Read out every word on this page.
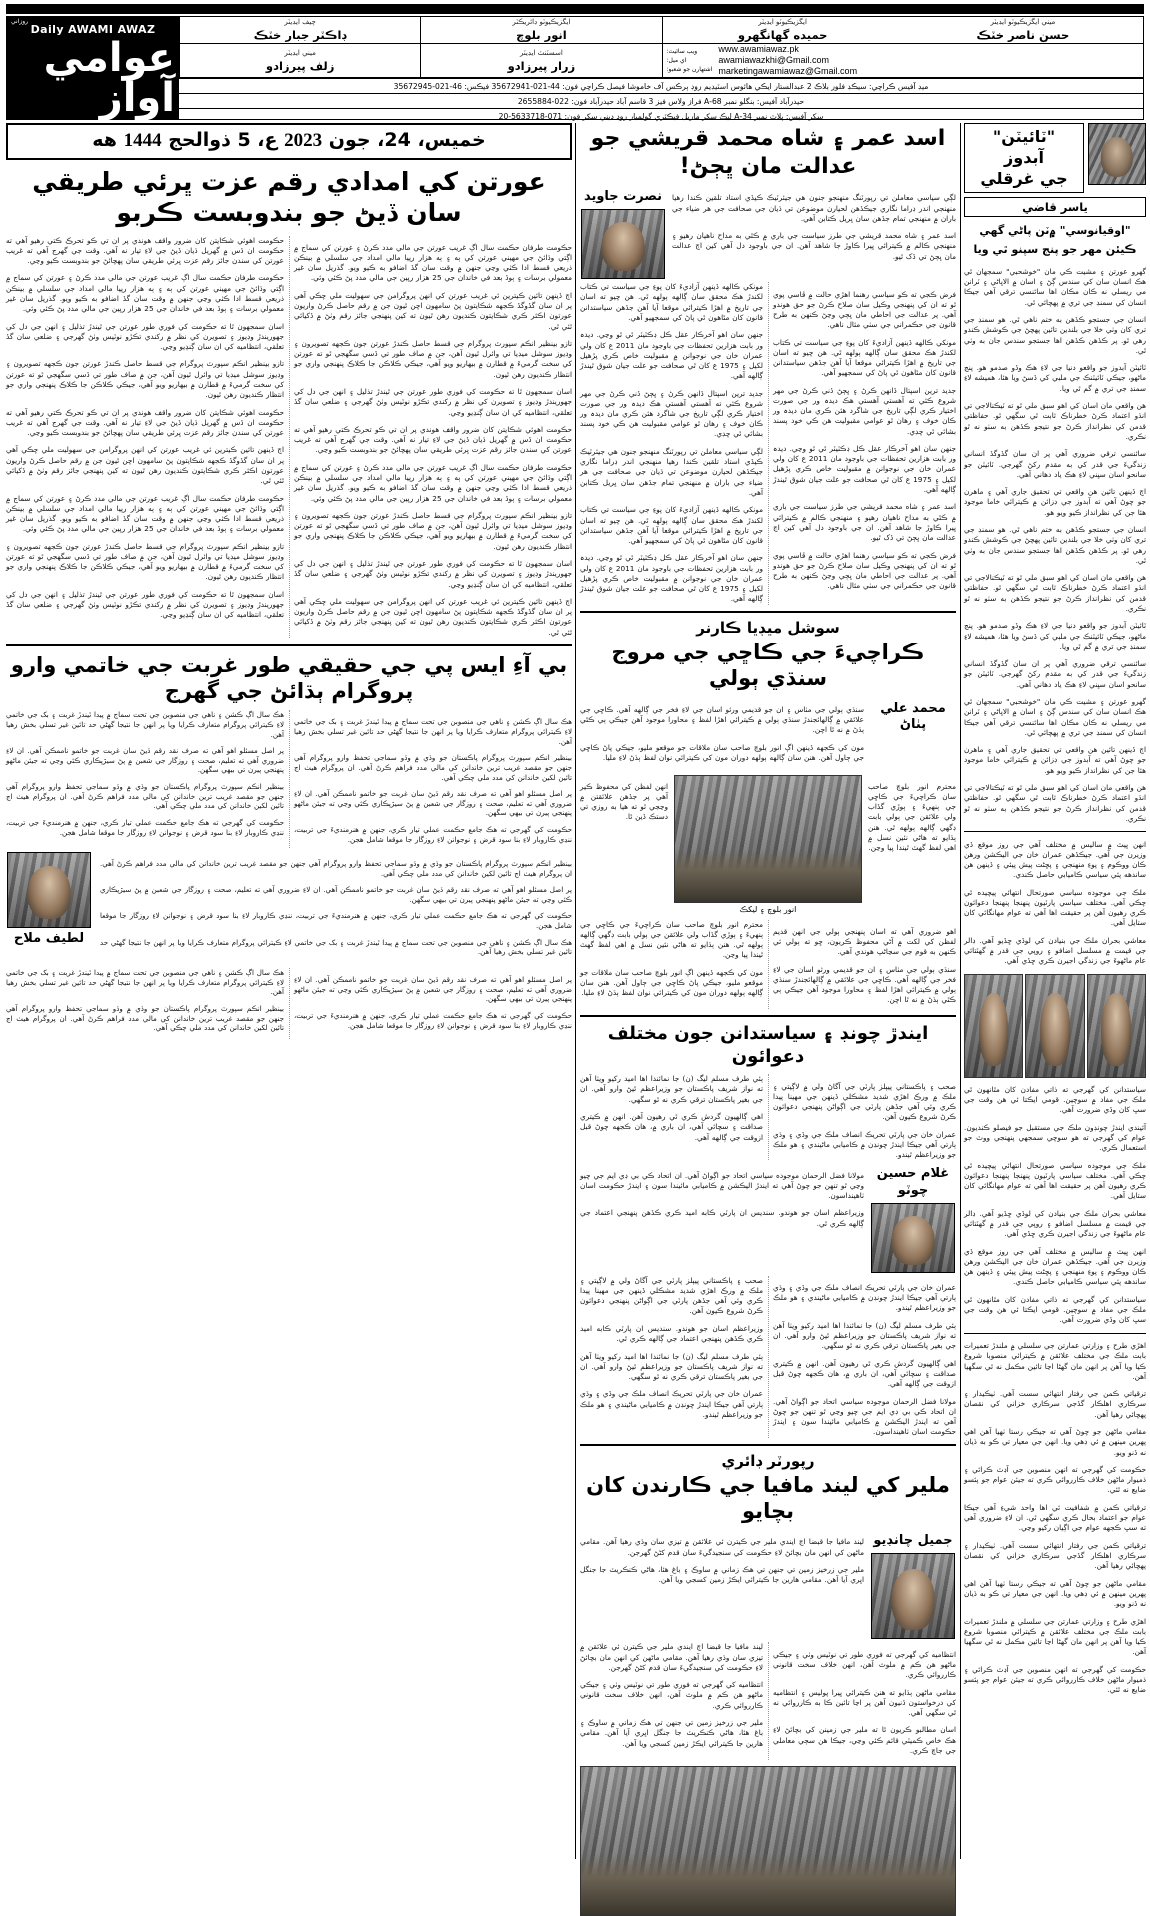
روزاني
Daily AWAMI AWAZ
عوامي آواز
چيف ايڊيٽر
ڊاڪٽر جبار خٽڪ
ايگزيڪيوٽو ڊائريڪٽر
انور بلوچ
ايگزيڪيوٽو ايڊيٽر
حميده گهانگهرو
ميني ايگزيڪيوٽو ايڊيٽر
حسن ناصر خٽڪ
ميني ايڊيٽر
زلف پيرزادو
اسسٽنٽ ايڊيٽر
زرار پيرزادو
ويب سائيٽ:
اي ميل:
اشتهارن جو شعبو:
www.awamiawaz.pk
awamiawazkhi@Gmail.com
marketingawamiawaz@Gmail.com
ميڊ آفيس ڪراچي: سيڪڊ فلور بلاڪ 2 عبدالستار ايڪي هائوس اسٽيڊيم روڊ ٻرڪس آف خاموشا فيصل ڪراچي فون: 44-021-35672941 فيڪس: 46-021-35672945
حيدرآباد آفيس: بنگلو نمبر 68-A فراز ولاس فيز 3 قاسم آباد حيدرآباد فون: 022-2655884
سکر آفيس: پلاٽ نمبر 34-A ليڪ سکر ماربل فيڪٽري گولمبار روڊ ديني سکر فون: 071-5633718-20
خميس، 24، جون 2023 ع، 5 ذوالحج 1444 هه
عورتن کي امدادي رقم عزت ڀرئي طريقي سان ڏيڻ جو بندوبست ڪربو

حڪومت طرفان حڪمت سال اڳ غريب عورتن جي مالي مدد ڪرڻ ۽ عورتن کي سماج ۾ اڳتي وڌائڻ جي مهيني عورتن کي ٻه ۽ ٻه هزار رپيا مالي امداد جي سلسلي ۾ بينڪن ذريعي قسط ادا ڪٺي وڃي جنهن ۾ وقت سان گڏ اضافو به ڪيو ويو. گذريل سان غير معمولي برسات ۽ ٻوڏ بعد في خاندان جي 25 هزار رپين جي مالي مدد پڻ ڪئي وئي.

اڄ ڏينهن تائين ڪيترين ئي غريب عورتن کي انهن پروگرامن جي سهوليت ملي چڪي آهي پر ان سان گڏوگڏ ڪجهه شڪايتون پڻ سامهون اچن ٿيون جن ۾ رقم حاصل ڪرڻ واريون عورتون اڪثر ڪري شڪايتون ڪنديون رهن ٿيون ته کين پنهنجي جائز رقم وٺڻ ۾ ڏکيائي ٿئي ٿي.

تازو بينظير انڪم سپورٽ پروگرام جي قسط حاصل ڪندڙ عورتن جون ڪجهه تصويرون ۽ وڊيوز سوشل ميڊيا تي وائرل ٿيون آهن، جن ۾ صاف طور تي ڏسي سگهجي ٿو ته عورتن کي سخت گرميءَ ۾ قطارن ۾ بيهاريو ويو آهي، جيڪي ڪلاڪن جا ڪلاڪ پنهنجي واري جو انتظار ڪنديون رهن ٿيون.

اسان سمجهون ٿا ته حڪومت کي فوري طور عورتن جي ٿيندڙ تذليل ۽ انهن جي دل کي جهوريندڙ وڊيوز ۽ تصويرن کي نظر ۾ رکندي تڪڙو نوٽيس وٺڻ گهرجي ۽ ضلعي سان گڏ تعلقي، انتظاميه کي ان سان ڳنڍيو وڃي.

حڪومت اهوئي شڪايتن کان ضرور واقف هوندي پر ان تي ڪو تحرڪ ڪتي رهيو آهي ته حڪومت ان ڏس ۾ گهريل ڌيان ڏيڻ جي لاءِ تيار نه آهي. وقت جي گهرج آهي ته غريب عورتن کي سندن جائز رقم عزت ڀرئي طريقي سان پهچائڻ جو بندوبست ڪيو وڃي.

حڪومت طرفان حڪمت سال اڳ غريب عورتن جي مالي مدد ڪرڻ ۽ عورتن کي سماج ۾ اڳتي وڌائڻ جي مهيني عورتن کي ٻه ۽ ٻه هزار رپيا مالي امداد جي سلسلي ۾ بينڪن ذريعي قسط ادا ڪٺي وڃي جنهن ۾ وقت سان گڏ اضافو به ڪيو ويو. گذريل سان غير معمولي برسات ۽ ٻوڏ بعد في خاندان جي 25 هزار رپين جي مالي مدد پڻ ڪئي وئي.

تازو بينظير انڪم سپورٽ پروگرام جي قسط حاصل ڪندڙ عورتن جون ڪجهه تصويرون ۽ وڊيوز سوشل ميڊيا تي وائرل ٿيون آهن، جن ۾ صاف طور تي ڏسي سگهجي ٿو ته عورتن کي سخت گرميءَ ۾ قطارن ۾ بيهاريو ويو آهي، جيڪي ڪلاڪن جا ڪلاڪ پنهنجي واري جو انتظار ڪنديون رهن ٿيون.

اسان سمجهون ٿا ته حڪومت کي فوري طور عورتن جي ٿيندڙ تذليل ۽ انهن جي دل کي جهوريندڙ وڊيوز ۽ تصويرن کي نظر ۾ رکندي تڪڙو نوٽيس وٺڻ گهرجي ۽ ضلعي سان گڏ تعلقي، انتظاميه کي ان سان ڳنڍيو وڃي.

اڄ ڏينهن تائين ڪيترين ئي غريب عورتن کي انهن پروگرامن جي سهوليت ملي چڪي آهي پر ان سان گڏوگڏ ڪجهه شڪايتون پڻ سامهون اچن ٿيون جن ۾ رقم حاصل ڪرڻ واريون عورتون اڪثر ڪري شڪايتون ڪنديون رهن ٿيون ته کين پنهنجي جائز رقم وٺڻ ۾ ڏکيائي ٿئي ٿي.

حڪومت اهوئي شڪايتن کان ضرور واقف هوندي پر ان تي ڪو تحرڪ ڪتي رهيو آهي ته حڪومت ان ڏس ۾ گهريل ڌيان ڏيڻ جي لاءِ تيار نه آهي. وقت جي گهرج آهي ته غريب عورتن کي سندن جائز رقم عزت ڀرئي طريقي سان پهچائڻ جو بندوبست ڪيو وڃي.

حڪومت طرفان حڪمت سال اڳ غريب عورتن جي مالي مدد ڪرڻ ۽ عورتن کي سماج ۾ اڳتي وڌائڻ جي مهيني عورتن کي ٻه ۽ ٻه هزار رپيا مالي امداد جي سلسلي ۾ بينڪن ذريعي قسط ادا ڪٺي وڃي جنهن ۾ وقت سان گڏ اضافو به ڪيو ويو. گذريل سان غير معمولي برسات ۽ ٻوڏ بعد في خاندان جي 25 هزار رپين جي مالي مدد پڻ ڪئي وئي.

اسان سمجهون ٿا ته حڪومت کي فوري طور عورتن جي ٿيندڙ تذليل ۽ انهن جي دل کي جهوريندڙ وڊيوز ۽ تصويرن کي نظر ۾ رکندي تڪڙو نوٽيس وٺڻ گهرجي ۽ ضلعي سان گڏ تعلقي، انتظاميه کي ان سان ڳنڍيو وڃي.

تازو بينظير انڪم سپورٽ پروگرام جي قسط حاصل ڪندڙ عورتن جون ڪجهه تصويرون ۽ وڊيوز سوشل ميڊيا تي وائرل ٿيون آهن، جن ۾ صاف طور تي ڏسي سگهجي ٿو ته عورتن کي سخت گرميءَ ۾ قطارن ۾ بيهاريو ويو آهي، جيڪي ڪلاڪن جا ڪلاڪ پنهنجي واري جو انتظار ڪنديون رهن ٿيون.

حڪومت اهوئي شڪايتن کان ضرور واقف هوندي پر ان تي ڪو تحرڪ ڪتي رهيو آهي ته حڪومت ان ڏس ۾ گهريل ڌيان ڏيڻ جي لاءِ تيار نه آهي. وقت جي گهرج آهي ته غريب عورتن کي سندن جائز رقم عزت ڀرئي طريقي سان پهچائڻ جو بندوبست ڪيو وڃي.

اڄ ڏينهن تائين ڪيترين ئي غريب عورتن کي انهن پروگرامن جي سهوليت ملي چڪي آهي پر ان سان گڏوگڏ ڪجهه شڪايتون پڻ سامهون اچن ٿيون جن ۾ رقم حاصل ڪرڻ واريون عورتون اڪثر ڪري شڪايتون ڪنديون رهن ٿيون ته کين پنهنجي جائز رقم وٺڻ ۾ ڏکيائي ٿئي ٿي.

حڪومت طرفان حڪمت سال اڳ غريب عورتن جي مالي مدد ڪرڻ ۽ عورتن کي سماج ۾ اڳتي وڌائڻ جي مهيني عورتن کي ٻه ۽ ٻه هزار رپيا مالي امداد جي سلسلي ۾ بينڪن ذريعي قسط ادا ڪٺي وڃي جنهن ۾ وقت سان گڏ اضافو به ڪيو ويو. گذريل سان غير معمولي برسات ۽ ٻوڏ بعد في خاندان جي 25 هزار رپين جي مالي مدد پڻ ڪئي وئي.

تازو بينظير انڪم سپورٽ پروگرام جي قسط حاصل ڪندڙ عورتن جون ڪجهه تصويرون ۽ وڊيوز سوشل ميڊيا تي وائرل ٿيون آهن، جن ۾ صاف طور تي ڏسي سگهجي ٿو ته عورتن کي سخت گرميءَ ۾ قطارن ۾ بيهاريو ويو آهي، جيڪي ڪلاڪن جا ڪلاڪ پنهنجي واري جو انتظار ڪنديون رهن ٿيون.

اسان سمجهون ٿا ته حڪومت کي فوري طور عورتن جي ٿيندڙ تذليل ۽ انهن جي دل کي جهوريندڙ وڊيوز ۽ تصويرن کي نظر ۾ رکندي تڪڙو نوٽيس وٺڻ گهرجي ۽ ضلعي سان گڏ تعلقي، انتظاميه کي ان سان ڳنڍيو وڃي.

بي آءِ ايس پي جي حقيقي طور غربت جي خاتمي وارو پروگرام ٻڌائڻ جي گهرج

هڪ سال اڳ ڪشن ۽ ناهي جي منصوبن جي تحت سماج ۾ پيدا ٿيندڙ غربت ۽ بک جي خاتمي لاءِ ڪيترائي پروگرام متعارف ڪرايا ويا پر انهن جا نتيجا گهڻي حد تائين غير تسلي بخش رهيا آهن.

بينظير انڪم سپورٽ پروگرام پاڪستان جو وڏي ۾ وڏو سماجي تحفظ وارو پروگرام آهي جنهن جو مقصد غريب ترين خاندانن کي مالي مدد فراهم ڪرڻ آهي. ان پروگرام هيٺ اڄ تائين لکين خاندانن کي مدد ملي چڪي آهي.

پر اصل مسئلو اهو آهي ته صرف نقد رقم ڏيڻ سان غربت جو خاتمو ناممڪن آهي. ان لاءِ ضروري آهي ته تعليم، صحت ۽ روزگار جي شعبن ۾ پڻ سيڙپڪاري ڪئي وڃي ته جيئن ماڻهو پنهنجي پيرن تي بيهي سگهن.

حڪومت کي گهرجي ته هڪ جامع حڪمت عملي تيار ڪري، جنهن ۾ هنرمنديءَ جي تربيت، ننڍي ڪاروبار لاءِ بنا سود قرض ۽ نوجوانن لاءِ روزگار جا موقعا شامل هجن.

هڪ سال اڳ ڪشن ۽ ناهي جي منصوبن جي تحت سماج ۾ پيدا ٿيندڙ غربت ۽ بک جي خاتمي لاءِ ڪيترائي پروگرام متعارف ڪرايا ويا پر انهن جا نتيجا گهڻي حد تائين غير تسلي بخش رهيا آهن.

پر اصل مسئلو اهو آهي ته صرف نقد رقم ڏيڻ سان غربت جو خاتمو ناممڪن آهي. ان لاءِ ضروري آهي ته تعليم، صحت ۽ روزگار جي شعبن ۾ پڻ سيڙپڪاري ڪئي وڃي ته جيئن ماڻهو پنهنجي پيرن تي بيهي سگهن.

بينظير انڪم سپورٽ پروگرام پاڪستان جو وڏي ۾ وڏو سماجي تحفظ وارو پروگرام آهي جنهن جو مقصد غريب ترين خاندانن کي مالي مدد فراهم ڪرڻ آهي. ان پروگرام هيٺ اڄ تائين لکين خاندانن کي مدد ملي چڪي آهي.

حڪومت کي گهرجي ته هڪ جامع حڪمت عملي تيار ڪري، جنهن ۾ هنرمنديءَ جي تربيت، ننڍي ڪاروبار لاءِ بنا سود قرض ۽ نوجوانن لاءِ روزگار جا موقعا شامل هجن.

لطيف ملاح

بينظير انڪم سپورٽ پروگرام پاڪستان جو وڏي ۾ وڏو سماجي تحفظ وارو پروگرام آهي جنهن جو مقصد غريب ترين خاندانن کي مالي مدد فراهم ڪرڻ آهي. ان پروگرام هيٺ اڄ تائين لکين خاندانن کي مدد ملي چڪي آهي.

پر اصل مسئلو اهو آهي ته صرف نقد رقم ڏيڻ سان غربت جو خاتمو ناممڪن آهي. ان لاءِ ضروري آهي ته تعليم، صحت ۽ روزگار جي شعبن ۾ پڻ سيڙپڪاري ڪئي وڃي ته جيئن ماڻهو پنهنجي پيرن تي بيهي سگهن.

حڪومت کي گهرجي ته هڪ جامع حڪمت عملي تيار ڪري، جنهن ۾ هنرمنديءَ جي تربيت، ننڍي ڪاروبار لاءِ بنا سود قرض ۽ نوجوانن لاءِ روزگار جا موقعا شامل هجن.

هڪ سال اڳ ڪشن ۽ ناهي جي منصوبن جي تحت سماج ۾ پيدا ٿيندڙ غربت ۽ بک جي خاتمي لاءِ ڪيترائي پروگرام متعارف ڪرايا ويا پر انهن جا نتيجا گهڻي حد تائين غير تسلي بخش رهيا آهن.

پر اصل مسئلو اهو آهي ته صرف نقد رقم ڏيڻ سان غربت جو خاتمو ناممڪن آهي. ان لاءِ ضروري آهي ته تعليم، صحت ۽ روزگار جي شعبن ۾ پڻ سيڙپڪاري ڪئي وڃي ته جيئن ماڻهو پنهنجي پيرن تي بيهي سگهن.

حڪومت کي گهرجي ته هڪ جامع حڪمت عملي تيار ڪري، جنهن ۾ هنرمنديءَ جي تربيت، ننڍي ڪاروبار لاءِ بنا سود قرض ۽ نوجوانن لاءِ روزگار جا موقعا شامل هجن.

هڪ سال اڳ ڪشن ۽ ناهي جي منصوبن جي تحت سماج ۾ پيدا ٿيندڙ غربت ۽ بک جي خاتمي لاءِ ڪيترائي پروگرام متعارف ڪرايا ويا پر انهن جا نتيجا گهڻي حد تائين غير تسلي بخش رهيا آهن.

بينظير انڪم سپورٽ پروگرام پاڪستان جو وڏي ۾ وڏو سماجي تحفظ وارو پروگرام آهي جنهن جو مقصد غريب ترين خاندانن کي مالي مدد فراهم ڪرڻ آهي. ان پروگرام هيٺ اڄ تائين لکين خاندانن کي مدد ملي چڪي آهي.

اسد عمر ۽ شاه محمد قريشي جو عدالت مان ڀڄڻ!
نصرت جاويد	لڳي سياسي معاملن تي رپورٽنگ منهنجو جنون هي جيئرٽيڪ ڪيڏي استاد تلقين ڪندا رهيا منهنجي اندر ڊراما نگاري جيڪڏهن لحيارن موضوعن تي ڌيان جي صحافت جي هر ضياء جي باران ۾ منهنجي تمام جڏهن سان ڀريل ڪتابن آهي.

اسد عمر ۽ شاه محمد قريشي جي طرز سياست جي باري ۾ ڪٿي به مداح ناهيان رهيو ۽ منهنجي ڪالم ۾ ڪيترائي ڀيرا ڪاوڙ جا شاهد آهن. ان جي باوجود دل آهي کين اڄ عدالت مان ڀڄڻ تي ڏک ٿيو.

فرض ڪجي ته ڪو سياسي رهنما اهڙي حالت ۾ ڦاسي پوي ٿو ته ان کي پنهنجي وڪيل سان صلاح ڪرڻ جو حق هوندو آهي. پر عدالت جي احاطي مان ڀڄي وڃڻ ڪنهن به طرح قانون جي حڪمراني جي سٺي مثال ناهي.

مونکي ڪالهه ڏينهن آزاديءَ کان پوءِ جي سياست تي ڪتاب لکندڙ هڪ محقق سان ڳالهه ٻولهه ٿي. هن چيو ته اسان جي تاريخ ۾ اهڙا ڪيترائي موقعا آيا آهن جڏهن سياستدانن قانون کان مٿاهون ٿي پاڻ کي سمجهيو آهي.

جديد ترين اسپتال ڏانهن ڪرڻ ۽ ڀڄڻ ڏني ڪرڻ جي مهر شروع ڪئي ته آهستي آهستي هڪ ديدہ ور جي صورت اختيار ڪري لڳي تاريخ جي شاگرد هئن ڪري مان ديدہ ور ڪان خوف ۽ رهان ٿو عوامي مقبوليت هن ڪي خود پسند بشائي ٿي چڊي.

جنهن سان اهو آخرڪار عقل ڪل ڊڪٽيٽر ٿي ٿو وڃي. ديدہ ور بابت هزارين تحفظات جي باوجود مان 2011 ع کان ولي عمران خان جي نوجوانن ۾ مقبوليت خاص ڪري پڙهيل لکيل ۽ 1975 ع کان ٿي صحافت جو علت جيان شوق ٿيندڙ ڳالهه آهي.

اسد عمر ۽ شاه محمد قريشي جي طرز سياست جي باري ۾ ڪٿي به مداح ناهيان رهيو ۽ منهنجي ڪالم ۾ ڪيترائي ڀيرا ڪاوڙ جا شاهد آهن. ان جي باوجود دل آهي کين اڄ عدالت مان ڀڄڻ تي ڏک ٿيو.

فرض ڪجي ته ڪو سياسي رهنما اهڙي حالت ۾ ڦاسي پوي ٿو ته ان کي پنهنجي وڪيل سان صلاح ڪرڻ جو حق هوندو آهي. پر عدالت جي احاطي مان ڀڄي وڃڻ ڪنهن به طرح قانون جي حڪمراني جي سٺي مثال ناهي.

مونکي ڪالهه ڏينهن آزاديءَ کان پوءِ جي سياست تي ڪتاب لکندڙ هڪ محقق سان ڳالهه ٻولهه ٿي. هن چيو ته اسان جي تاريخ ۾ اهڙا ڪيترائي موقعا آيا آهن جڏهن سياستدانن قانون کان مٿاهون ٿي پاڻ کي سمجهيو آهي.

جنهن سان اهو آخرڪار عقل ڪل ڊڪٽيٽر ٿي ٿو وڃي. ديدہ ور بابت هزارين تحفظات جي باوجود مان 2011 ع کان ولي عمران خان جي نوجوانن ۾ مقبوليت خاص ڪري پڙهيل لکيل ۽ 1975 ع کان ٿي صحافت جو علت جيان شوق ٿيندڙ ڳالهه آهي.

جديد ترين اسپتال ڏانهن ڪرڻ ۽ ڀڄڻ ڏني ڪرڻ جي مهر شروع ڪئي ته آهستي آهستي هڪ ديدہ ور جي صورت اختيار ڪري لڳي تاريخ جي شاگرد هئن ڪري مان ديدہ ور ڪان خوف ۽ رهان ٿو عوامي مقبوليت هن ڪي خود پسند بشائي ٿي چڊي.

لڳي سياسي معاملن تي رپورٽنگ منهنجو جنون هي جيئرٽيڪ ڪيڏي استاد تلقين ڪندا رهيا منهنجي اندر ڊراما نگاري جيڪڏهن لحيارن موضوعن تي ڌيان جي صحافت جي هر ضياء جي باران ۾ منهنجي تمام جڏهن سان ڀريل ڪتابن آهي.

مونکي ڪالهه ڏينهن آزاديءَ کان پوءِ جي سياست تي ڪتاب لکندڙ هڪ محقق سان ڳالهه ٻولهه ٿي. هن چيو ته اسان جي تاريخ ۾ اهڙا ڪيترائي موقعا آيا آهن جڏهن سياستدانن قانون کان مٿاهون ٿي پاڻ کي سمجهيو آهي.

جنهن سان اهو آخرڪار عقل ڪل ڊڪٽيٽر ٿي ٿو وڃي. ديدہ ور بابت هزارين تحفظات جي باوجود مان 2011 ع کان ولي عمران خان جي نوجوانن ۾ مقبوليت خاص ڪري پڙهيل لکيل ۽ 1975 ع کان ٿي صحافت جو علت جيان شوق ٿيندڙ ڳالهه آهي.

سوشل ميڊيا ڪارنر
ڪراچيءَ جي ڪاڇي جي مروج سنڌي ٻولي

سنڌي ٻولي جي مٺاس ۽ ان جو قديمي ورثو اسان جي لاءِ فخر جي ڳالهه آهي. ڪاڇي جي علائقي ۾ ڳالهائجندڙ سنڌي ٻولي ۾ ڪيترائي اهڙا لفظ ۽ محاورا موجود آهن جيڪي ٻي ڪٿي ٻڌڻ ۾ نه ٿا اچن.

مون کي ڪجهه ڏينهن اڳ انور بلوچ صاحب سان ملاقات جو موقعو مليو، جيڪي پاڻ ڪاڇي جي ڄاول آهن. هنن سان ڳالهه ٻولهه دوران مون کي ڪيترائي نوان لفظ ٻڌڻ لاءِ مليا.

محمد علي پٺاڻ

انهن لفظن کي محفوظ ڪير آهي پر جڏهن علائقتن ۾ وڃجي ٿو ته هيا به روزي تي دستڪ ڏين ٿا.

انور بلوچ ۽ ليکڪ

محترم انور بلوچ صاحب سان ڪراچيءَ جي ڪاڇي جي ٻنهيءَ ۽ ٻوڙي گڏاب ولي علائقن جي ٻولي بابت ڊگهي ڳالهه ٻولهه ٿي. هنن ٻڌايو ته هاڻي نئين نسل ۾ اهي لفظ گهٽ ٿيندا پيا وڃن.

اهو ضروري آهي ته اسان پنهنجي ٻولي جي انهن قديم لفظن کي لکت ۾ آڻي محفوظ ڪريون، ڇو ته ٻولي ئي ڪنهن به قوم جي سڃاڻپ هوندي آهي.

سنڌي ٻولي جي مٺاس ۽ ان جو قديمي ورثو اسان جي لاءِ فخر جي ڳالهه آهي. ڪاڇي جي علائقي ۾ ڳالهائجندڙ سنڌي ٻولي ۾ ڪيترائي اهڙا لفظ ۽ محاورا موجود آهن جيڪي ٻي ڪٿي ٻڌڻ ۾ نه ٿا اچن.

محترم انور بلوچ صاحب سان ڪراچيءَ جي ڪاڇي جي ٻنهيءَ ۽ ٻوڙي گڏاب ولي علائقن جي ٻولي بابت ڊگهي ڳالهه ٻولهه ٿي. هنن ٻڌايو ته هاڻي نئين نسل ۾ اهي لفظ گهٽ ٿيندا پيا وڃن.

مون کي ڪجهه ڏينهن اڳ انور بلوچ صاحب سان ملاقات جو موقعو مليو، جيڪي پاڻ ڪاڇي جي ڄاول آهن. هنن سان ڳالهه ٻولهه دوران مون کي ڪيترائي نوان لفظ ٻڌڻ لاءِ مليا.

ايندڙ چونڊ ۽ سياستدانن جون مختلف دعوائون

صحب ۽ پاڪستاني پيپلز پارٽي جي آگاڻ ولي ۾ لاڳيتي ۽ ملڪ ۾ ورڪ اهڙي شديد مشڪلي ڏينهن جي مهينا پيدا ڪري وئي آهي جڏهن پارٽي جي اڳواڻن پنهنجي دعوائون ڪرڻ شروع ڪيون آهن.

عمران خان جي پارٽي تحريڪ انصاف ملڪ جي وڏي ۽ وڌي ٻارتي آهي جيڪا ايندڙ چونڊن ۾ ڪاميابي ماڻيندي ۽ هو ملڪ جو وزيراعظم ٿيندو.

ٻئي طرف مسلم ليگ (ن) جا نمائندا اها اميد رکيو ويٺا آهن ته نواز شريف پاڪستان جو وزيراعظم ٿيڻ وارو آهي. ان جي بغير پاڪستان ترقي ڪري نه ٿو سگهي.

اهي ڳالهيون گردش ڪري ٿي رهيون آهن. انهن ۾ ڪيتري صداقت ۽ سچائي آهي، ان باري ۾، هان ڪجهه چوڻ قبل ازوقت جي ڳالهه آهي.

مولانا فضل الرحمان موجوده سياسي اتحاد جو اڳواڻ آهي. ان اتحاد ڪي بي ڊي ايم جي چيو وڃي ٿو تنهن جو چوڻ آهي ته ايندڙ اليڪشن ۾ ڪاميابي مائيندا سون ۽ ايندڙ حڪومت اسان ٺاهينداسون.

وزيراعظم اسان جو هوندو. سنديس ان پارٽي ڪابه اميد ڪري ڪڏهن پنهنجي اعتماد جي ڳالهه ڪري ٿي.

غلام حسين چوٽو

عمران خان جي پارٽي تحريڪ انصاف ملڪ جي وڏي ۽ وڌي ٻارتي آهي جيڪا ايندڙ چونڊن ۾ ڪاميابي ماڻيندي ۽ هو ملڪ جو وزيراعظم ٿيندو.

ٻئي طرف مسلم ليگ (ن) جا نمائندا اها اميد رکيو ويٺا آهن ته نواز شريف پاڪستان جو وزيراعظم ٿيڻ وارو آهي. ان جي بغير پاڪستان ترقي ڪري نه ٿو سگهي.

اهي ڳالهيون گردش ڪري ٿي رهيون آهن. انهن ۾ ڪيتري صداقت ۽ سچائي آهي، ان باري ۾، هان ڪجهه چوڻ قبل ازوقت جي ڳالهه آهي.

مولانا فضل الرحمان موجوده سياسي اتحاد جو اڳواڻ آهي. ان اتحاد ڪي بي ڊي ايم جي چيو وڃي ٿو تنهن جو چوڻ آهي ته ايندڙ اليڪشن ۾ ڪاميابي مائيندا سون ۽ ايندڙ حڪومت اسان ٺاهينداسون.

صحب ۽ پاڪستاني پيپلز پارٽي جي آگاڻ ولي ۾ لاڳيتي ۽ ملڪ ۾ ورڪ اهڙي شديد مشڪلي ڏينهن جي مهينا پيدا ڪري وئي آهي جڏهن پارٽي جي اڳواڻن پنهنجي دعوائون ڪرڻ شروع ڪيون آهن.

وزيراعظم اسان جو هوندو. سنديس ان پارٽي ڪابه اميد ڪري ڪڏهن پنهنجي اعتماد جي ڳالهه ڪري ٿي.

ٻئي طرف مسلم ليگ (ن) جا نمائندا اها اميد رکيو ويٺا آهن ته نواز شريف پاڪستان جو وزيراعظم ٿيڻ وارو آهي. ان جي بغير پاڪستان ترقي ڪري نه ٿو سگهي.

عمران خان جي پارٽي تحريڪ انصاف ملڪ جي وڏي ۽ وڌي ٻارتي آهي جيڪا ايندڙ چونڊن ۾ ڪاميابي ماڻيندي ۽ هو ملڪ جو وزيراعظم ٿيندو.

رپورٽر ڊائري
ملير کي ليند مافيا جي ڪارندن کان بچايو

ليند مافيا جا قبضا اڄ ايندي ملير جي ڪيترن ئي علائقن ۾ تيزي سان وڌي رهيا آهن. مقامي ماڻهن کي انهن مان بچائڻ لاءِ حڪومت کي سنجيدگيءَ سان قدم کڻڻ گهرجن.

ملير جي زرخيز زمين تي جنهن تي هڪ زماني ۾ ساوڪ ۽ باغ هئا، هاڻي ڪنڪريٽ جا جنگل اڀري آيا آهن. مقامي هارين جا ڪيترائي ايڪڙ زمين کسجي ويا آهن.

جميل چانڊيو

انتظاميه کي گهرجي ته فوري طور تي نوٽيس وٺي ۽ جيڪي ماڻهو هن ڪم ۾ ملوث آهن، انهن خلاف سخت قانوني ڪارروائي ڪري.

مقامي ماڻهن ٻڌايو ته هنن ڪيترائي ڀيرا پوليس ۽ انتظاميه کي درخواستون ڏنيون آهن پر اڃا تائين ڪا به ڪارروائي نه ٿي سگهي آهي.

اسان مطالبو ڪريون ٿا ته ملير جي زمينن کي بچائڻ لاءِ هڪ خاص ڪميٽي قائم ڪئي وڃي، جيڪا هن سڄي معاملي جي جاچ ڪري.

ليند مافيا جا قبضا اڄ ايندي ملير جي ڪيترن ئي علائقن ۾ تيزي سان وڌي رهيا آهن. مقامي ماڻهن کي انهن مان بچائڻ لاءِ حڪومت کي سنجيدگيءَ سان قدم کڻڻ گهرجن.

انتظاميه کي گهرجي ته فوري طور تي نوٽيس وٺي ۽ جيڪي ماڻهو هن ڪم ۾ ملوث آهن، انهن خلاف سخت قانوني ڪارروائي ڪري.

ملير جي زرخيز زمين تي جنهن تي هڪ زماني ۾ ساوڪ ۽ باغ هئا، هاڻي ڪنڪريٽ جا جنگل اڀري آيا آهن. مقامي هارين جا ڪيترائي ايڪڙ زمين کسجي ويا آهن.

"ٽائيٽن" آبدوز
جي غرقلي
ياسر قاضي
"اوقيانوسي" ۾ٽن پاڻي گهي
ڪيئن مهر جو پنج سپنو ٿي ويا

گهرو عورتن ۽ مشيت ڪي مان "خوشحبي" سمجهان ٿي هڪ انسان سان کي سندس ڳڻ ۽ اسان ۾ الاڀاڻي ۽ ٽرانن مي ريسلي نه ڪان مڪان اها سائنسي ترقي آهي جيڪا انسان کي سمنڊ جي تري ۾ پهچائي ٿي.

انسان جي جستجو ڪڏهن به ختم ناهي ٿي. هو سمنڊ جي تري کان وٺي خلا جي بلندين تائين پهچڻ جي ڪوشش ڪندو رهي ٿو. پر ڪڏهن ڪڏهن اها جستجو سندس جان به وٺي ٿي.

ٽائيٽن آبدوز جو واقعو دنيا جي لاءِ هڪ وڏو صدمو هو. پنج ماڻهو، جيڪي ٽائيٽنڪ جي ملبي کي ڏسڻ ويا هئا، هميشه لاءِ سمنڊ جي تري ۾ گم ٿي ويا.

هن واقعي مان اسان کي اهو سبق ملي ٿو ته ٽيڪنالاجي تي انڌو اعتماد ڪرڻ خطرناڪ ثابت ٿي سگهي ٿو. حفاظتي قدمن کي نظرانداز ڪرڻ جو نتيجو ڪڏهن به سٺو نه ٿو نڪري.

سائنسي ترقي ضروري آهي پر ان سان گڏوگڏ انساني زندگيءَ جي قدر کي به مقدم رکڻ گهرجي. ٽائيٽن جو سانحو اسان سڀني لاءِ هڪ ياد دهاني آهي.

اڄ ڏينهن تائين هن واقعي تي تحقيق جاري آهي ۽ ماهرن جو چوڻ آهي ته آبدوز جي ڊزائن ۾ ڪيترائي خاما موجود هئا جن کي نظرانداز ڪيو ويو هو.

انسان جي جستجو ڪڏهن به ختم ناهي ٿي. هو سمنڊ جي تري کان وٺي خلا جي بلندين تائين پهچڻ جي ڪوشش ڪندو رهي ٿو. پر ڪڏهن ڪڏهن اها جستجو سندس جان به وٺي ٿي.

هن واقعي مان اسان کي اهو سبق ملي ٿو ته ٽيڪنالاجي تي انڌو اعتماد ڪرڻ خطرناڪ ثابت ٿي سگهي ٿو. حفاظتي قدمن کي نظرانداز ڪرڻ جو نتيجو ڪڏهن به سٺو نه ٿو نڪري.

ٽائيٽن آبدوز جو واقعو دنيا جي لاءِ هڪ وڏو صدمو هو. پنج ماڻهو، جيڪي ٽائيٽنڪ جي ملبي کي ڏسڻ ويا هئا، هميشه لاءِ سمنڊ جي تري ۾ گم ٿي ويا.

سائنسي ترقي ضروري آهي پر ان سان گڏوگڏ انساني زندگيءَ جي قدر کي به مقدم رکڻ گهرجي. ٽائيٽن جو سانحو اسان سڀني لاءِ هڪ ياد دهاني آهي.

گهرو عورتن ۽ مشيت ڪي مان "خوشحبي" سمجهان ٿي هڪ انسان سان کي سندس ڳڻ ۽ اسان ۾ الاڀاڻي ۽ ٽرانن مي ريسلي نه ڪان مڪان اها سائنسي ترقي آهي جيڪا انسان کي سمنڊ جي تري ۾ پهچائي ٿي.

اڄ ڏينهن تائين هن واقعي تي تحقيق جاري آهي ۽ ماهرن جو چوڻ آهي ته آبدوز جي ڊزائن ۾ ڪيترائي خاما موجود هئا جن کي نظرانداز ڪيو ويو هو.

هن واقعي مان اسان کي اهو سبق ملي ٿو ته ٽيڪنالاجي تي انڌو اعتماد ڪرڻ خطرناڪ ثابت ٿي سگهي ٿو. حفاظتي قدمن کي نظرانداز ڪرڻ جو نتيجو ڪڏهن به سٺو نه ٿو نڪري.

انهن ڀيٽ ۾ ساليس ۾ مختلف آهي جي روز موقع ڏي وزيرن جي آهي. جيڪڏهن عمران خان جي اليڪشن ورهن ڪان ووڪوم ۽ پوءِ منهنجي ۽ پڇڻت پيش پيئي ۽ ڏينهن هن ساندهه پئي سياسي ڪاميابي حاصل ڪندي.

ملڪ جي موجوده سياسي صورتحال انتهائي پيچيده ٿي چڪي آهي. مختلف سياسي پارٽيون پنهنجا پنهنجا دعوائون ڪري رهيون آهن پر حقيقت اها آهي ته عوام مهانگائي کان ستايل آهي.

معاشي بحران ملڪ جي بنيادن کي لوڏي ڇڏيو آهي. ڊالر جي قيمت ۾ مسلسل اضافو ۽ روپي جي قدر ۾ گهٽتائي عام ماڻهوءَ جي زندگي اجيرن ڪري ڇڏي آهي.

سياستدانن کي گهرجي ته ذاتي مفادن کان مٿانهون ٿي ملڪ جي مفاد ۾ سوچين. قومي ايڪتا ئي هن وقت جي سڀ کان وڏي ضرورت آهي.

آئيندي ايندڙ چونڊون ملڪ جي مستقبل جو فيصلو ڪنديون. عوام کي گهرجي ته هو سوچي سمجهي پنهنجي ووٽ جو استعمال ڪري.

ملڪ جي موجوده سياسي صورتحال انتهائي پيچيده ٿي چڪي آهي. مختلف سياسي پارٽيون پنهنجا پنهنجا دعوائون ڪري رهيون آهن پر حقيقت اها آهي ته عوام مهانگائي کان ستايل آهي.

معاشي بحران ملڪ جي بنيادن کي لوڏي ڇڏيو آهي. ڊالر جي قيمت ۾ مسلسل اضافو ۽ روپي جي قدر ۾ گهٽتائي عام ماڻهوءَ جي زندگي اجيرن ڪري ڇڏي آهي.

انهن ڀيٽ ۾ ساليس ۾ مختلف آهي جي روز موقع ڏي وزيرن جي آهي. جيڪڏهن عمران خان جي اليڪشن ورهن ڪان ووڪوم ۽ پوءِ منهنجي ۽ پڇڻت پيش پيئي ۽ ڏينهن هن ساندهه پئي سياسي ڪاميابي حاصل ڪندي.

سياستدانن کي گهرجي ته ذاتي مفادن کان مٿانهون ٿي ملڪ جي مفاد ۾ سوچين. قومي ايڪتا ئي هن وقت جي سڀ کان وڏي ضرورت آهي.

اهڙي طرح ۽ وزارتي عمارتن جي سلسلي ۾ ملندڙ تعميرات بابت ملڪ جي مختلف علائقن ۾ ڪيترائي منصوبا شروع ڪيا ويا آهن پر انهن مان گهڻا اڃا تائين مڪمل نه ٿي سگهيا آهن.

ترقياتي ڪمن جي رفتار انتهائي سست آهي. ٺيڪيدار ۽ سرڪاري اهلڪار گڏجي سرڪاري خزاني کي نقصان پهچائي رهيا آهن.

مقامي ماڻهن جو چوڻ آهي ته جيڪي رستا ٺهيا آهن اهي پهرين مينهن ۾ ئي ڊهي ويا. انهن جي معيار تي ڪو به ڌيان نه ڏنو ويو.

حڪومت کي گهرجي ته انهن منصوبن جي آڊٽ ڪرائي ۽ ذميوار ماڻهن خلاف ڪارروائي ڪري ته جيئن عوام جو پئسو ضايع نه ٿئي.

ترقياتي ڪمن ۾ شفافيت ئي اها واحد شيءِ آهي جيڪا عوام جو اعتماد بحال ڪري سگهي ٿي. ان لاءِ ضروري آهي ته سڀ ڪجهه عوام جي اڳيان رکيو وڃي.

ترقياتي ڪمن جي رفتار انتهائي سست آهي. ٺيڪيدار ۽ سرڪاري اهلڪار گڏجي سرڪاري خزاني کي نقصان پهچائي رهيا آهن.

مقامي ماڻهن جو چوڻ آهي ته جيڪي رستا ٺهيا آهن اهي پهرين مينهن ۾ ئي ڊهي ويا. انهن جي معيار تي ڪو به ڌيان نه ڏنو ويو.

اهڙي طرح ۽ وزارتي عمارتن جي سلسلي ۾ ملندڙ تعميرات بابت ملڪ جي مختلف علائقن ۾ ڪيترائي منصوبا شروع ڪيا ويا آهن پر انهن مان گهڻا اڃا تائين مڪمل نه ٿي سگهيا آهن.

حڪومت کي گهرجي ته انهن منصوبن جي آڊٽ ڪرائي ۽ ذميوار ماڻهن خلاف ڪارروائي ڪري ته جيئن عوام جو پئسو ضايع نه ٿئي.
